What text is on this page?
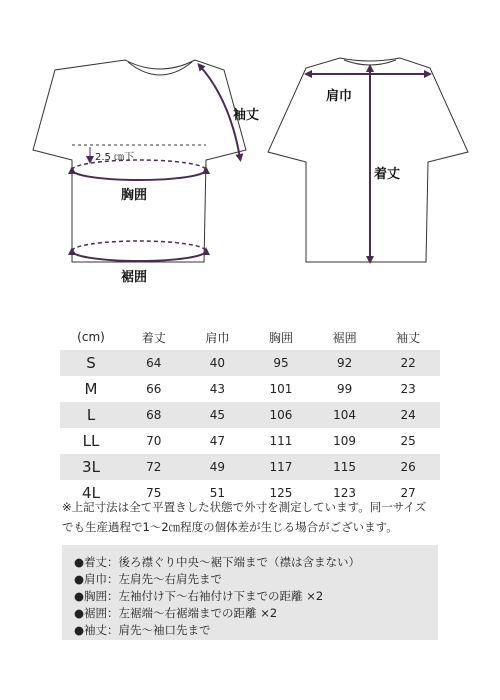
袖丈
肩巾
着丈
胸囲
裾囲
2.5 ㎝下
(cm)	着丈	肩巾	胸囲	裾囲	袖丈
S	64	40	95	92	22
M	66	43	101	99	23
L	68	45	106	104	24
LL	70	47	111	109	25
3L	72	49	117	115	26
4L	75	51	125	123	27
※上記寸法は全て平置きした状態で外寸を測定しています。同一サイズ
でも生産過程で1～2㎝程度の個体差が生じる場合がございます。
●着丈：後ろ襟ぐり中央～裾下端まで（襟は含まない）
●肩巾：左肩先～右肩先まで
●胸囲：左袖付け下～右袖付け下までの距離 ×2
●裾囲：左裾端～右裾端までの距離 ×2
●袖丈：肩先～袖口先まで
